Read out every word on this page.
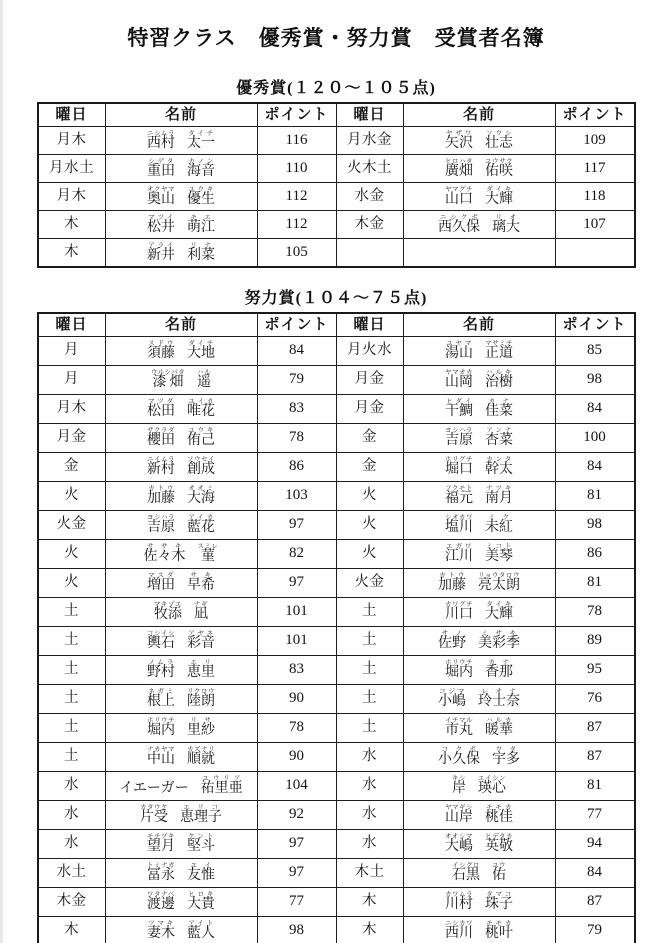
特習クラス　優秀賞・努力賞　受賞者名簿
優秀賞(１２０～１０５点)
曜日	名前	ポイント	曜日	名前	ポイント
月木	西村ニシムラ太一タイチ	116	月水金	矢沢ヤザワ壮志ソウシ	109
月水土	重田シゲタ海音カノン	110	火木土	廣畑ヒロハタ佑咲ユウサク	117
月木	奥山オクヤマ優生ユウキ	112	水金	山口ヤマグチ大輝ダイキ	118
木	松井マツイ萌江モエ	112	木金	西久保ニシクボ璃大リオ	107
木	新井アライ利菜リナ	105			
努力賞(１０４～７５点)
曜日	名前	ポイント	曜日	名前	ポイント
月	須藤スドウ大地ダイチ	84	月火水	湯山ユヤマ正道マサミチ	85
月	漆畑ウルシバタ遥ハル	79	月金	山岡ヤマオカ治樹ハルキ	98
月木	松田マツダ唯花ユイカ	83	月金	干鯛ヒダイ佳菜カナ	84
月金	櫻田サクラダ侑己ユウキ	78	金	吉原ヨシハラ杏菜アンナ	100
金	新村ニイムラ創成ソウセイ	86	金	堀口ホリグチ幹太カンタ	84
火	加藤カトウ大海オオミ	103	火	福元フクモト南月ナツキ	81
火金	吉原ヨシハラ藍花アイカ	97	火	塩川シオカワ未紅ミク	98
火	佐々木ササキ菫スミレ	82	火	江川エガワ美琴ミコト	86
火	増田マスダ早希サキ	97	火金	加藤カトウ亮太朗リョウタロウ	81
土	牧添マキゾエ凪ナギ	101	土	川口カワグチ大輝タイキ	78
土	輿石コシイシ彩音アヤネ	101	土	佐野サノ美彩季ミサキ	89
土	野村ノムラ恵里エリ	83	土	堀内ホリウチ香那カナ	95
土	根上ネガミ陸朗リクロウ	90	土	小嶋コジマ玲士奈レオナ	76
土	堀内ホリウチ里紗リサ	78	土	市丸イチマル暖華ハルカ	87
土	中山ナカヤマ順就カズナリ	90	水	小久保コクボ宇多ウタ	87
水	イエーガー 祐里亜ユウリア	104	水	岸キシ瑛心エイシン	81
水	片受カタウケ恵理子エリコ	92	水	山岸ヤマギシ桃佳モモカ	77
水	望月モチヅキ堅斗ケント	97	水	大嶋オオシマ英敬ヒデタカ	94
水土	冨永トミナガ友惟ユイ	97	木土	石黒イシグロ佑ユウ	84
木金	渡邊ワタナベ大貴ヒロキ	77	木	川村カワムラ珠子タマコ	87
木	妻木ツマキ藍人アイト	98	木	西川ニシカワ桃叶モモカ	79
